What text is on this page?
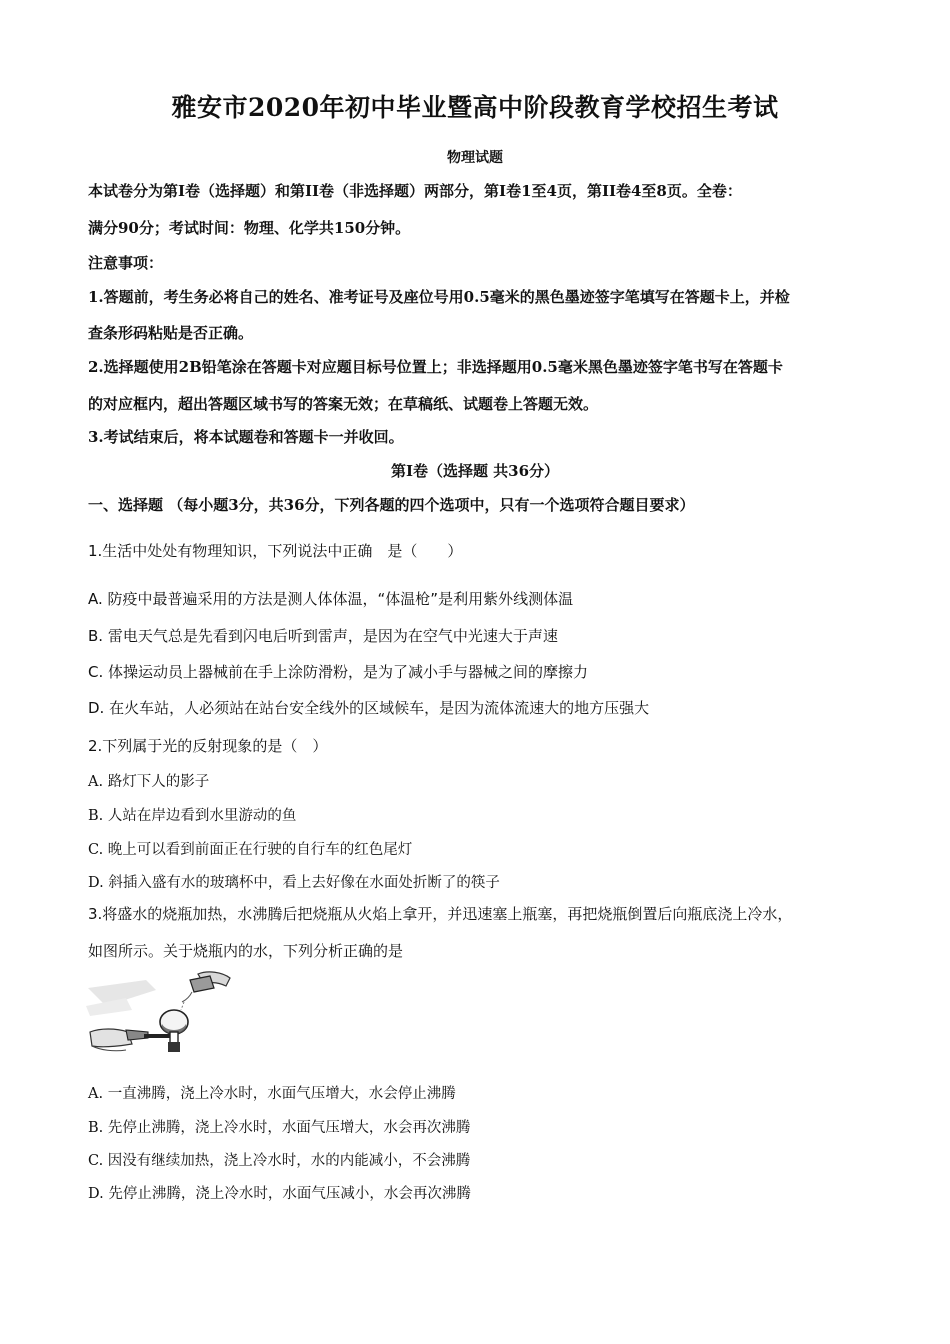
雅安市2020年初中毕业暨高中阶段教育学校招生考试
物理试题
本试卷分为第I卷（选择题）和第II卷（非选择题）两部分，第I卷1至4页，第II卷4至8页。全卷：
满分90分；考试时间：物理、化学共150分钟。
注意事项：
1.答题前，考生务必将自己的姓名、准考证号及座位号用0.5毫米的黑色墨迹签字笔填写在答题卡上，并检
查条形码粘贴是否正确。
2.选择题使用2B铅笔涂在答题卡对应题目标号位置上；非选择题用0.5毫米黑色墨迹签字笔书写在答题卡
的对应框内，超出答题区域书写的答案无效；在草稿纸、试题卷上答题无效。
3.考试结束后，将本试题卷和答题卡一并收回。
第I卷（选择题 共36分）
一、选择题 （每小题3分，共36分，下列各题的四个选项中，只有一个选项符合题目要求）
1.生活中处处有物理知识，下列说法中正确　是（　　）
A. 防疫中最普遍采用的方法是测人体体温，“体温枪”是利用紫外线测体温
B. 雷电天气总是先看到闪电后听到雷声，是因为在空气中光速大于声速
C. 体操运动员上器械前在手上涂防滑粉，是为了减小手与器械之间的摩擦力
D. 在火车站，人必须站在站台安全线外的区域候车，是因为流体流速大的地方压强大
2.下列属于光的反射现象的是（　）
A. 路灯下人的影子
B. 人站在岸边看到水里游动的鱼
C. 晚上可以看到前面正在行驶的自行车的红色尾灯
D. 斜插入盛有水的玻璃杯中，看上去好像在水面处折断了的筷子
3.将盛水的烧瓶加热，水沸腾后把烧瓶从火焰上拿开，并迅速塞上瓶塞，再把烧瓶倒置后向瓶底浇上冷水，
如图所示。关于烧瓶内的水，下列分析正确的是
A. 一直沸腾，浇上冷水时，水面气压增大，水会停止沸腾
B. 先停止沸腾，浇上冷水时，水面气压增大，水会再次沸腾
C. 因没有继续加热，浇上冷水时，水的内能减小，不会沸腾
D. 先停止沸腾，浇上冷水时，水面气压减小，水会再次沸腾
